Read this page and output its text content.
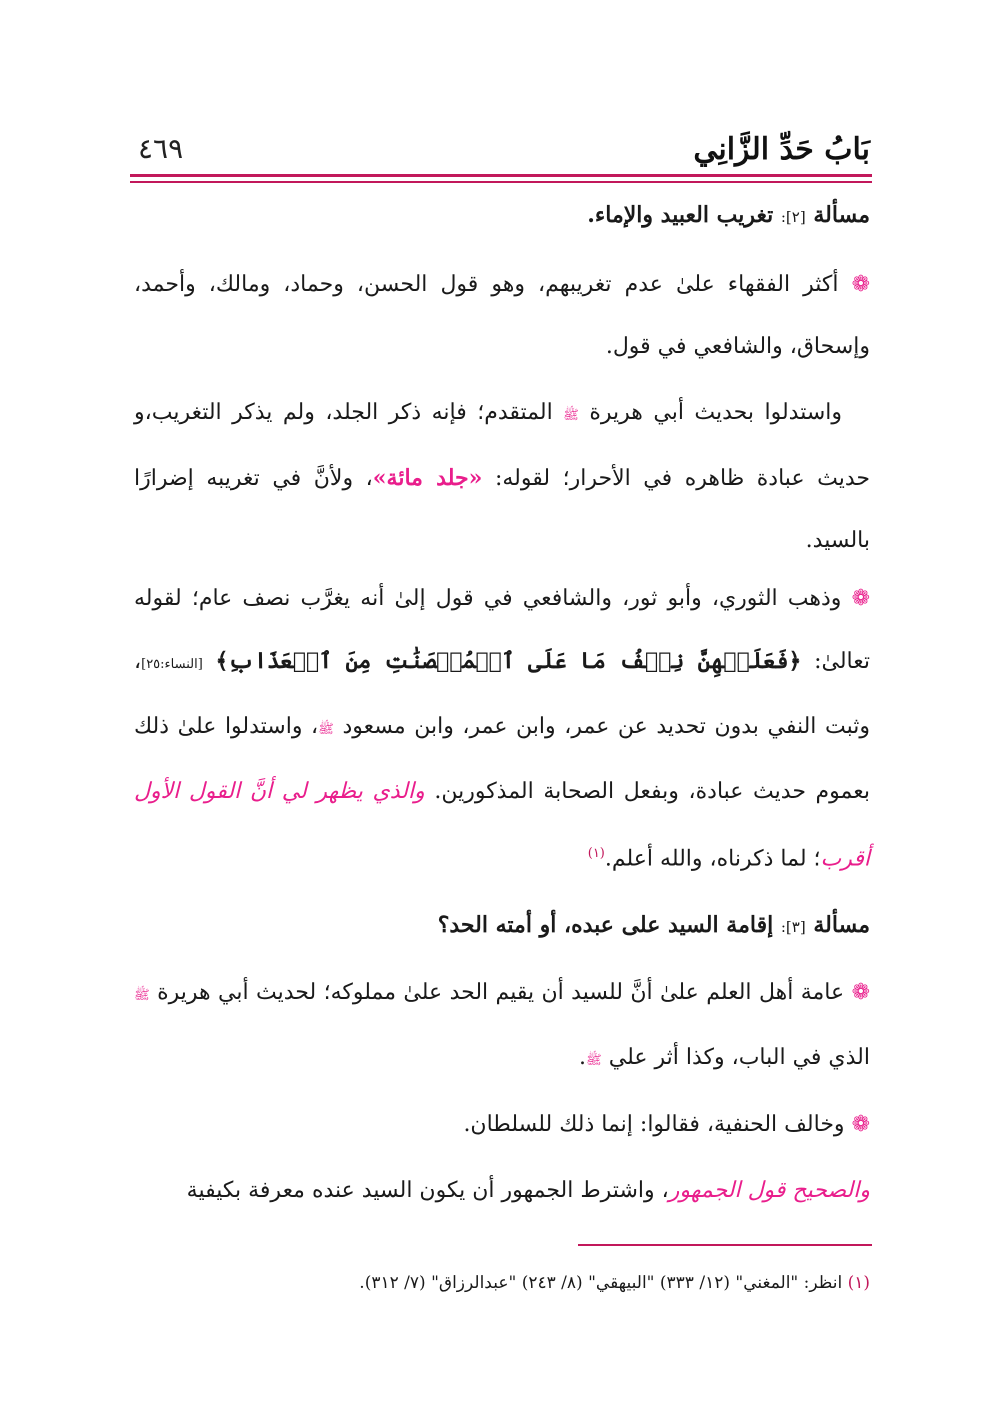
بَابُ حَدِّ الزَّانِي
٤٦٩
مسألة [٢]: تغريب العبيد والإماء.
❁ أكثر الفقهاء علىٰ عدم تغريبهم، وهو قول الحسن، وحماد، ومالك، وأحمد، وإسحاق، والشافعي في قول.
واستدلوا بحديث أبي هريرة ﷺ المتقدم؛ فإنه ذكر الجلد، ولم يذكر التغريب،و حديث عبادة ظاهره في الأحرار؛ لقوله: «جلد مائة»، ولأنَّ في تغريبه إضرارًا بالسيد.
❁ وذهب الثوري، وأبو ثور، والشافعي في قول إلىٰ أنه يغرَّب نصف عام؛ لقوله تعالىٰ: ﴿فَعَلَيۡهِنَّ نِصۡفُ مَا عَلَى ٱلۡمُحۡصَنَٰتِ مِنَ ٱلۡعَذَابِ﴾ [النساء:٢٥]، وثبت النفي بدون تحديد عن عمر، وابن عمر، وابن مسعود ﷺ، واستدلوا علىٰ ذلك بعموم حديث عبادة، وبفعل الصحابة المذكورين. والذي يظهر لي أنَّ القول الأول أقرب؛ لما ذكرناه، والله أعلم.$^{(١)}$
مسألة [٣]: إقامة السيد على عبده، أو أمته الحد؟
❁ عامة أهل العلم علىٰ أنَّ للسيد أن يقيم الحد علىٰ مملوكه؛ لحديث أبي هريرة ﷺ الذي في الباب، وكذا أثر علي ﷺ.
❁ وخالف الحنفية، فقالوا: إنما ذلك للسلطان.
والصحيح قول الجمهور، واشترط الجمهور أن يكون السيد عنده معرفة بكيفية
(١) انظر: "المغني" (١٢/ ٣٣٣) "البيهقي" (٨/ ٢٤٣) "عبدالرزاق" (٧/ ٣١٢).
